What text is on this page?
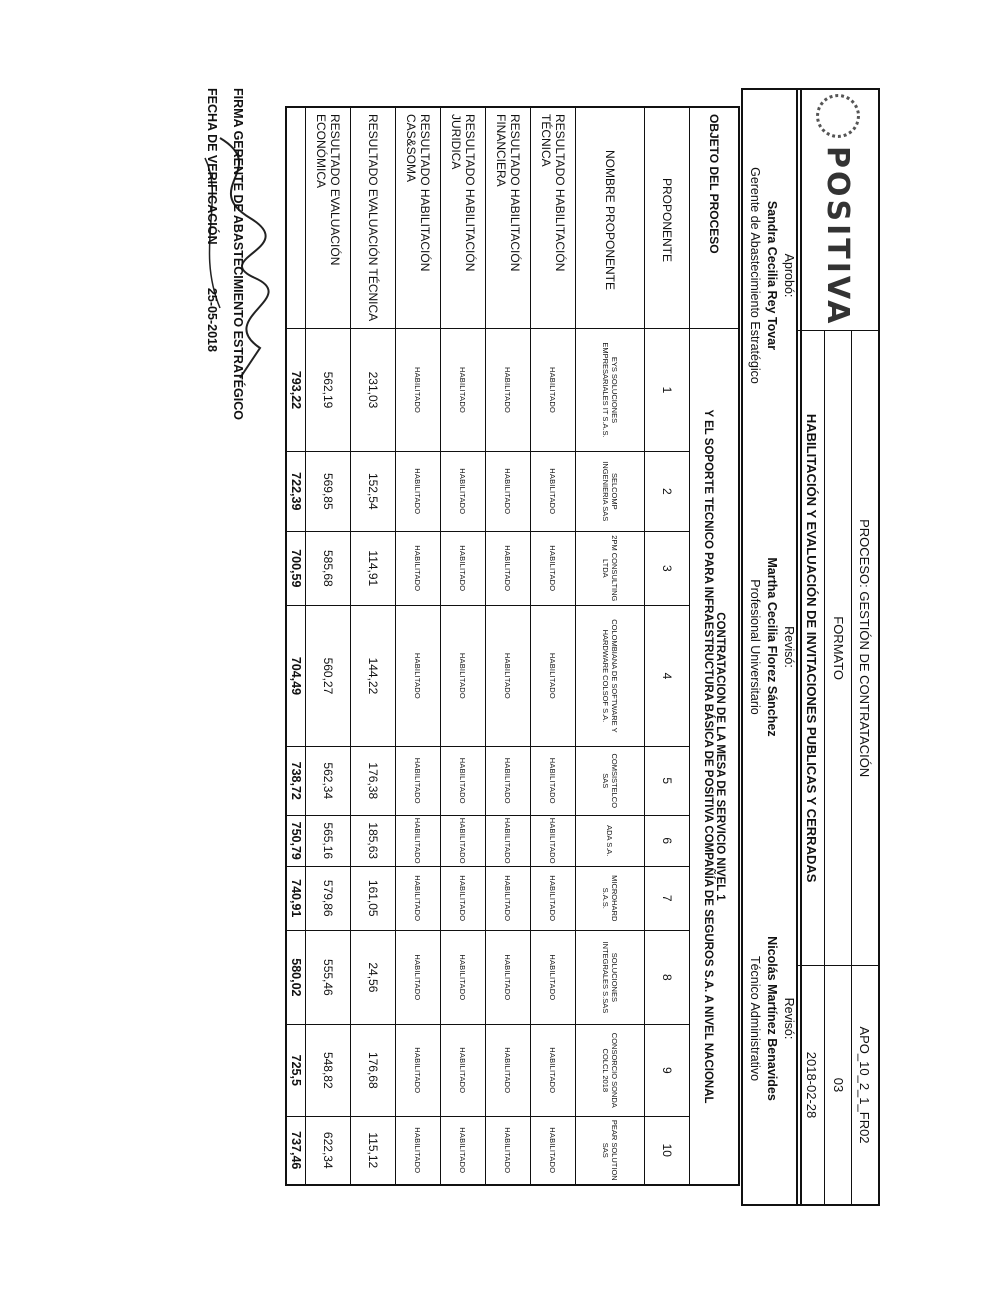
POSITIVA	PROCESO: GESTIÓN DE CONTRATACIÓN	APO_10_2_1_FR02
	FORMATO	03
	HABILITACIÓN Y EVALUACIÓN DE INVITACIONES PUBLICAS Y CERRADAS	2018-02-28
Aprobó:
Sandra Cecilia Rey Tovar
Gerente de Abastecimiento Estratégico

Revisó:
Martha Cecilia Florez Sánchez
Profesional Universitario

Revisó:
Nicolás Martínez Benavides
Técnico Administrativo
OBJETO DEL PROCESO	CONTRATACION DE LA MESA DE SERVICIO NIVEL 1
Y EL SOPORTE TECNICO PARA INFRAESTRUCTURA BÁSICA DE POSITIVA COMPAÑÍA DE SEGUROS S.A. A NIVEL NACIONAL									

PROPONENTE	1	2	3	4	5	6	7	8	9	10
NOMBRE PROPONENTE	EYS SOLUCIONES EMPRESARIALES IT S.A.S.	SELCOMP INGENIERIA SAS	2PM CONSULTING LTDA	COLOMBIANA DE SOFTWARE Y HARDWARE COLSOF S.A.	COMSISTELCO SAS	ADA S.A.	MICROHARD S.A.S.	SOLUCIONES INTEGRALES S.SAS	CONSORCIO SONDA COLCL 2018	PEAR SOLUTION SAS
RESULTADO HABILITACIÓN TÉCNICA	HABILITADO	HABILITADO	HABILITADO	HABILITADO	HABILITADO	HABILITADO	HABILITADO	HABILITADO	HABILITADO	HABILITADO
RESULTADO HABILITACIÓN FINANCIERA	HABILITADO	HABILITADO	HABILITADO	HABILITADO	HABILITADO	HABILITADO	HABILITADO	HABILITADO	HABILITADO	HABILITADO
RESULTADO HABILITACIÓN JURIDICA	HABILITADO	HABILITADO	HABILITADO	HABILITADO	HABILITADO	HABILITADO	HABILITADO	HABILITADO	HABILITADO	HABILITADO
RESULTADO HABILITACIÓN CAS&SOMA	HABILITADO	HABILITADO	HABILITADO	HABILITADO	HABILITADO	HABILITADO	HABILITADO	HABILITADO	HABILITADO	HABILITADO
RESULTADO EVALUACIÓN TÉCNICA	231,03	152,54	114,91	144,22	176,38	185,63	161,05	24,56	176,68	115,12
RESULTADO EVALUACIÓN ECONÓMICA	562,19	569,85	585,68	560,27	562,34	565,16	579,86	555,46	548,82	622,34
	793,22	722,39	700,59	704,49	738,72	750,79	740,91	580,02	725,5	737,46
FIRMA GERENTE DE ABASTECIMIENTO ESTRATÉGICO
FECHA DE VERIFICACIÓN 25-05-2018
